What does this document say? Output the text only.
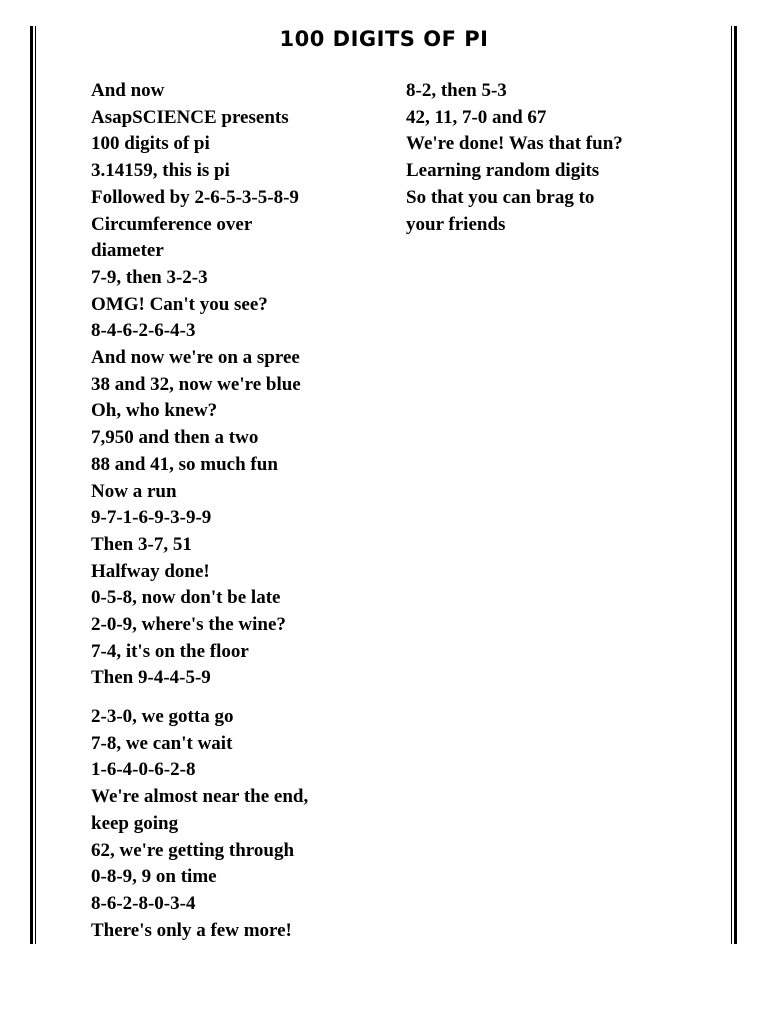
100 DIGITS OF PI
And now
AsapSCIENCE presents
100 digits of pi
3.14159, this is pi
Followed by 2-6-5-3-5-8-9
Circumference over
diameter
7-9, then 3-2-3
OMG! Can't you see?
8-4-6-2-6-4-3
And now we're on a spree
38 and 32, now we're blue
Oh, who knew?
7,950 and then a two
88 and 41, so much fun
Now a run
9-7-1-6-9-3-9-9
Then 3-7, 51
Halfway done!
0-5-8, now don't be late
2-0-9, where's the wine?
7-4, it's on the floor
Then 9-4-4-5-9
2-3-0, we gotta go
7-8, we can't wait
1-6-4-0-6-2-8
We're almost near the end,
keep going
62, we're getting through
0-8-9, 9 on time
8-6-2-8-0-3-4
There's only a few more!
8-2, then 5-3
42, 11, 7-0 and 67
We're done! Was that fun?
Learning random digits
So that you can brag to
your friends
